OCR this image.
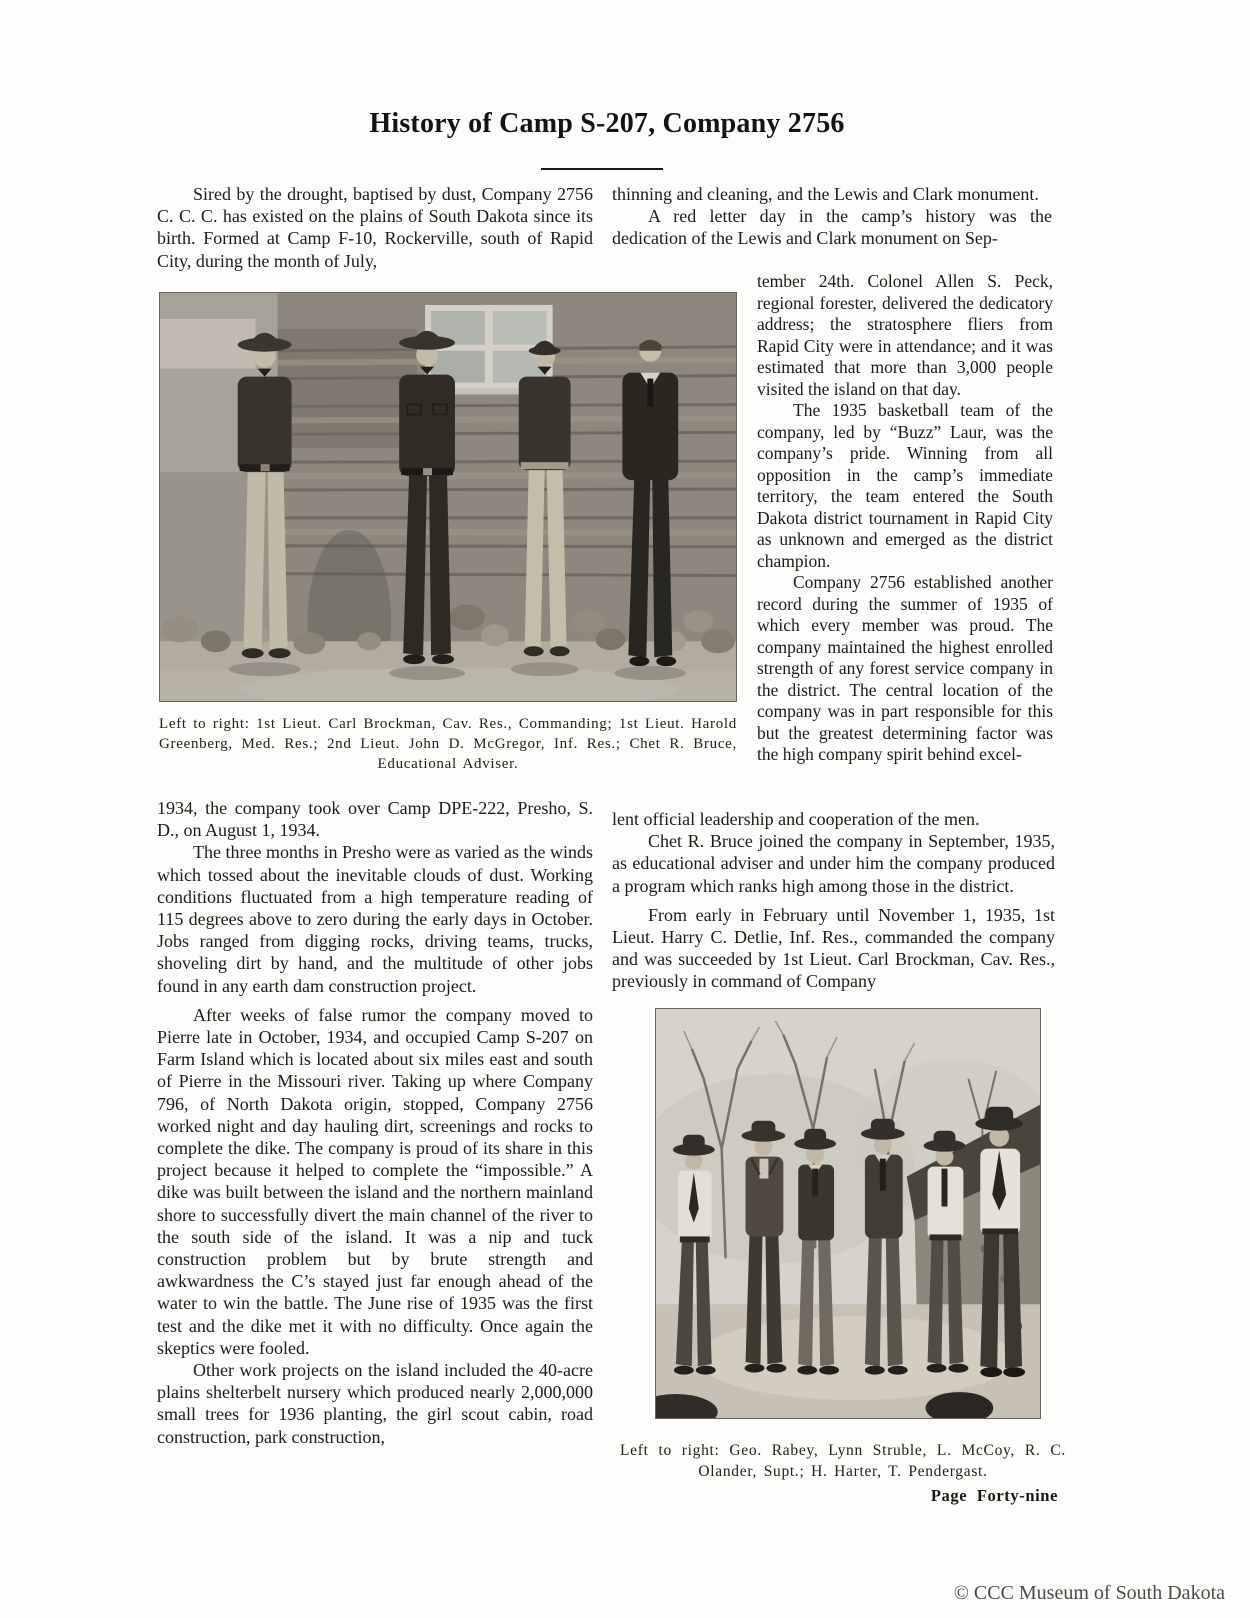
History of Camp S-207, Company 2756

Sired by the drought, baptised by dust, Company 2756 C. C. C. has existed on the plains of South Dakota since its birth. Formed at Camp F-10, Rockerville, south of Rapid City, during the month of July,

Left to right: 1st Lieut. Carl Brockman, Cav. Res., Commanding; 1st Lieut. Harold Greenberg, Med. Res.; 2nd Lieut. John D. McGregor, Inf. Res.; Chet R. Bruce, Educational Adviser.

1934, the company took over Camp DPE-222, Presho, S. D., on August 1, 1934.

The three months in Presho were as varied as the winds which tossed about the inevitable clouds of dust. Working conditions fluctuated from a high temperature reading of 115 degrees above to zero during the early days in October. Jobs ranged from digging rocks, driving teams, trucks, shoveling dirt by hand, and the multitude of other jobs found in any earth dam construction project.

After weeks of false rumor the company moved to Pierre late in October, 1934, and occupied Camp S-207 on Farm Island which is located about six miles east and south of Pierre in the Missouri river. Taking up where Company 796, of North Dakota origin, stopped, Company 2756 worked night and day hauling dirt, screenings and rocks to complete the dike. The company is proud of its share in this project because it helped to complete the “impossible.” A dike was built between the island and the northern mainland shore to successfully divert the main channel of the river to the south side of the island. It was a nip and tuck construction problem but by brute strength and awkwardness the C’s stayed just far enough ahead of the water to win the battle. The June rise of 1935 was the first test and the dike met it with no difficulty. Once again the skeptics were fooled.

Other work projects on the island included the 40-acre plains shelterbelt nursery which produced nearly 2,000,000 small trees for 1936 planting, the girl scout cabin, road construction, park construction,

thinning and cleaning, and the Lewis and Clark monument.

A red letter day in the camp’s history was the dedication of the Lewis and Clark monument on Sep-

tember 24th. Colonel Allen S. Peck, regional forester, delivered the dedicatory address; the stratosphere fliers from Rapid City were in attendance; and it was estimated that more than 3,000 people visited the island on that day.

The 1935 basketball team of the company, led by “Buzz” Laur, was the company’s pride. Winning from all opposition in the camp’s immediate territory, the team entered the South Dakota district tournament in Rapid City as unknown and emerged as the district champion.

Company 2756 established another record during the summer of 1935 of which every member was proud. The company maintained the highest enrolled strength of any forest service company in the district. The central location of the company was in part responsible for this but the greatest determining factor was the high company spirit behind excel-

lent official leadership and cooperation of the men.

Chet R. Bruce joined the company in September, 1935, as educational adviser and under him the company produced a program which ranks high among those in the district.

From early in February until November 1, 1935, 1st Lieut. Harry C. Detlie, Inf. Res., commanded the company and was succeeded by 1st Lieut. Carl Brockman, Cav. Res., previously in command of Company

Left to right: Geo. Rabey, Lynn Struble, L. McCoy, R. C. Olander, Supt.; H. Harter, T. Pendergast.
Page Forty-nine
© CCC Museum of South Dakota
